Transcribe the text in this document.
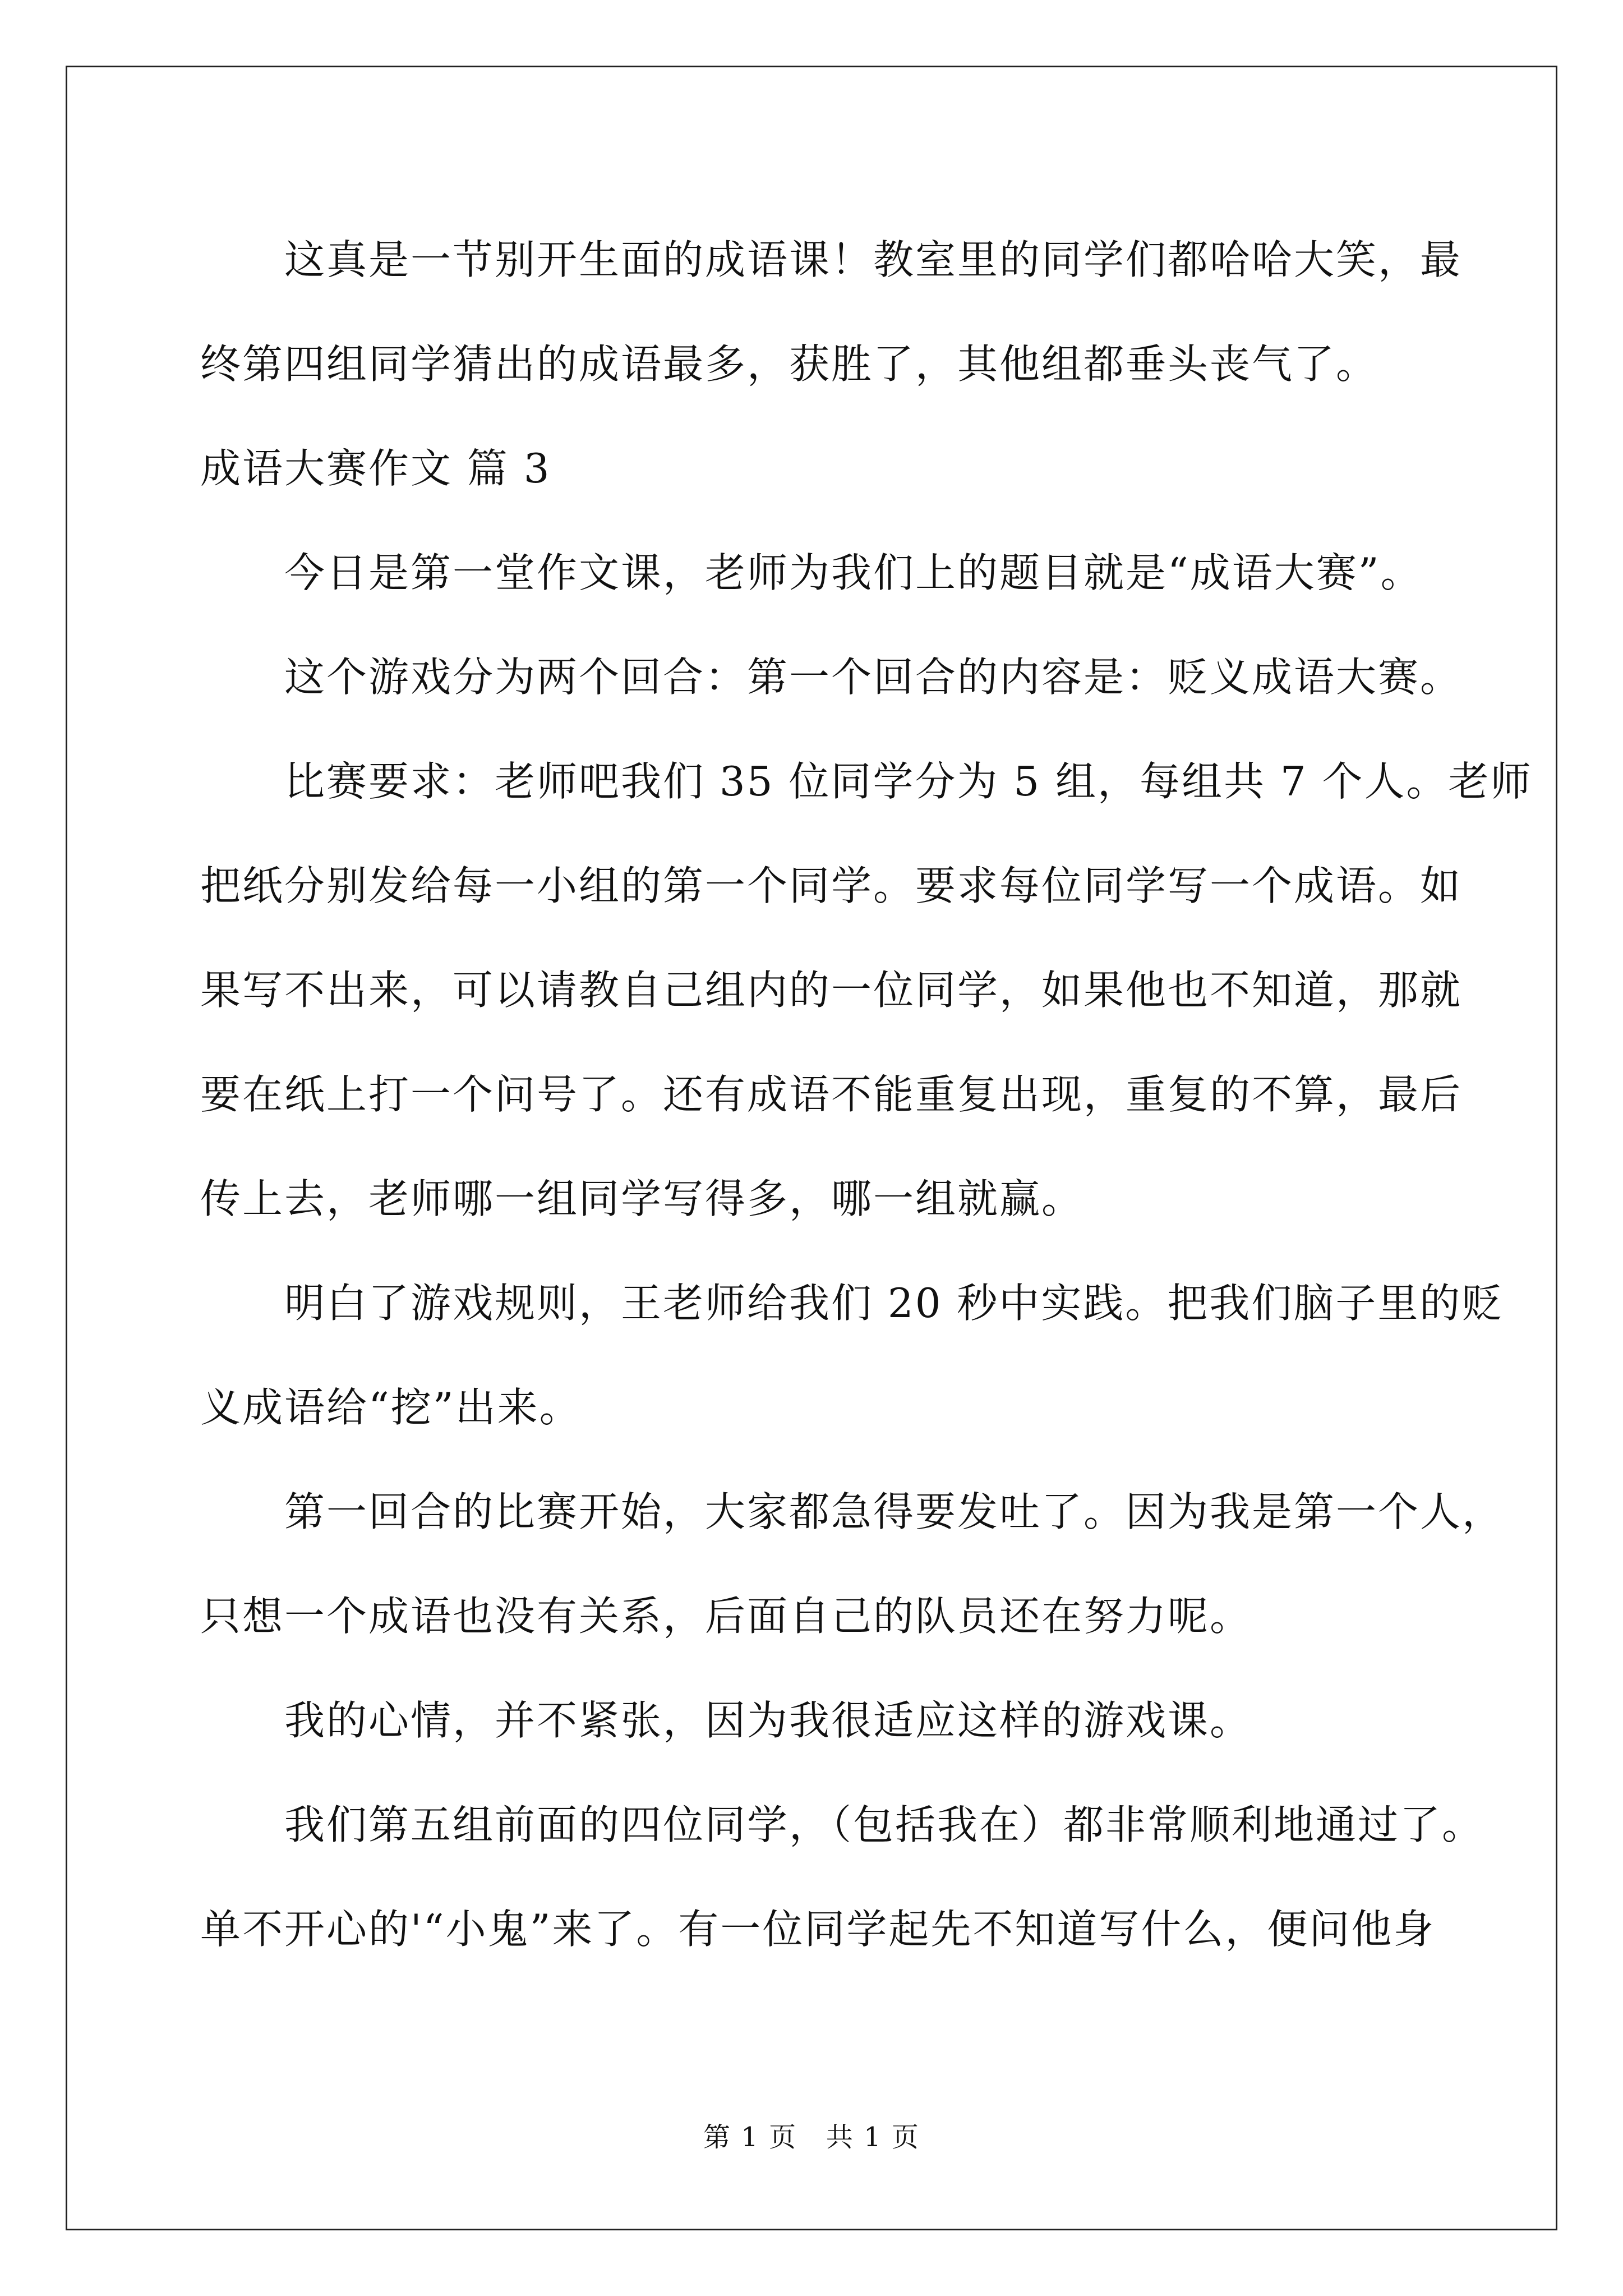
这真是一节别开生面的成语课！教室里的同学们都哈哈大笑，最

终第四组同学猜出的成语最多，获胜了，其他组都垂头丧气了。

成语大赛作文 篇 3

今日是第一堂作文课，老师为我们上的题目就是“成语大赛”。

这个游戏分为两个回合：第一个回合的内容是：贬义成语大赛。

比赛要求：老师吧我们 35 位同学分为 5 组，每组共 7 个人。老师

把纸分别发给每一小组的第一个同学。要求每位同学写一个成语。如

果写不出来，可以请教自己组内的一位同学，如果他也不知道，那就

要在纸上打一个问号了。还有成语不能重复出现，重复的不算，最后

传上去，老师哪一组同学写得多，哪一组就赢。

明白了游戏规则，王老师给我们 20 秒中实践。把我们脑子里的贬

义成语给“挖”出来。

第一回合的比赛开始，大家都急得要发吐了。因为我是第一个人，

只想一个成语也没有关系，后面自己的队员还在努力呢。

我的心情，并不紧张，因为我很适应这样的游戏课。

我们第五组前面的四位同学，（包括我在）都非常顺利地通过了。

单不开心的'“小鬼”来了。有一位同学起先不知道写什么，便问他身

第 1 页   共 1 页
